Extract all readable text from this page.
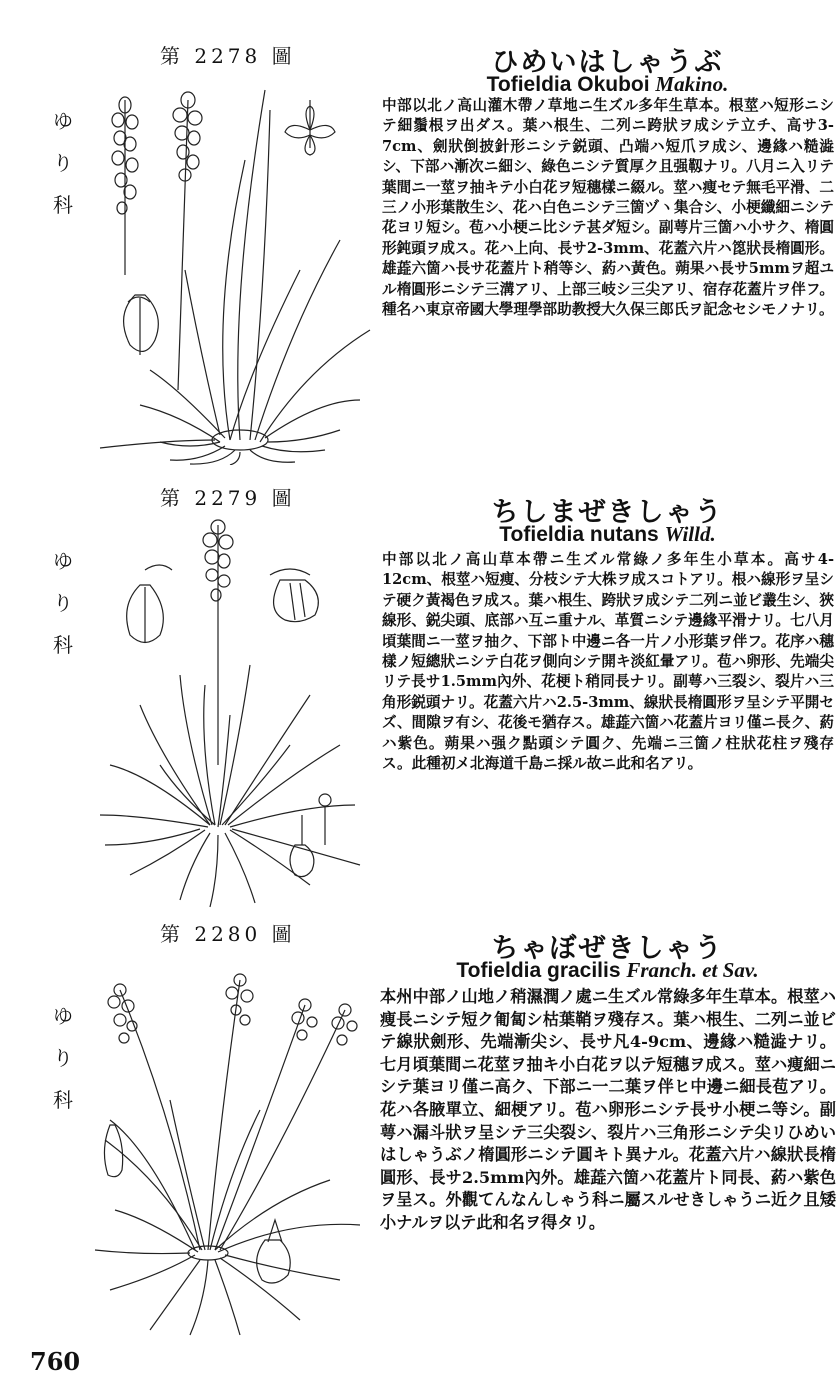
第 2278 圖
ゆ
り
科
ひめいはしゃうぶ
Tofieldia Okuboi Makino.
中部以北ノ高山灌木帶ノ草地ニ生ズル多年生草本。根莖ハ短形ニシテ細鬚根ヲ出ダス。葉ハ根生、二列ニ跨狀ヲ成シテ立チ、高サ3-7cm、劍狀倒披針形ニシテ鋭頭、凸端ハ短爪ヲ成シ、邊緣ハ糙澁シ、下部ハ漸次ニ細シ、綠色ニシテ質厚ク且强靱ナリ。八月ニ入リテ葉間ニ一莖ヲ抽キテ小白花ヲ短穗樣ニ綴ル。莖ハ痩セテ無毛平滑、二三ノ小形葉散生シ、花ハ白色ニシテ三箇ヅヽ集合シ、小梗纖細ニシテ花ヨリ短シ。苞ハ小梗ニ比シテ甚ダ短シ。副萼片三箇ハ小サク、楕圓形鈍頭ヲ成ス。花ハ上向、長サ2-3mm、花蓋六片ハ箆狀長楕圓形。雄蕋六箇ハ長サ花蓋片ト稍等シ、葯ハ黃色。蒴果ハ長サ5mmヲ超ユル楕圓形ニシテ三溝アリ、上部三岐シ三尖アリ、宿存花蓋片ヲ伴フ。種名ハ東京帝國大學理學部助教授大久保三郎氏ヲ記念セシモノナリ。
第 2279 圖
ゆ
り
科
ちしまぜきしゃう
Tofieldia nutans Willd.
中部以北ノ高山草本帶ニ生ズル常綠ノ多年生小草本。高サ4-12cm、根莖ハ短痩、分枝シテ大株ヲ成スコトアリ。根ハ線形ヲ呈シテ硬ク黃褐色ヲ成ス。葉ハ根生、跨狀ヲ成シテ二列ニ並ビ叢生シ、狹線形、鋭尖頭、底部ハ互ニ重ナル、革質ニシテ邊緣平滑ナリ。七八月頃葉間ニ一莖ヲ抽ク、下部ト中邊ニ各一片ノ小形葉ヲ伴フ。花序ハ穗樣ノ短總狀ニシテ白花ヲ側向シテ開キ淡紅暈アリ。苞ハ卵形、先端尖リテ長サ1.5mm內外、花梗ト稍同長ナリ。副萼ハ三裂シ、裂片ハ三角形鋭頭ナリ。花蓋六片ハ2.5-3mm、線狀長楕圓形ヲ呈シテ平開セズ、間隙ヲ有シ、花後モ猶存ス。雄蕋六箇ハ花蓋片ヨリ僅ニ長ク、葯ハ紫色。蒴果ハ强ク點頭シテ圓ク、先端ニ三箇ノ柱狀花柱ヲ殘存ス。此種初メ北海道千島ニ採ル故ニ此和名アリ。
第 2280 圖
ゆ
り
科
ちゃぼぜきしゃう
Tofieldia gracilis Franch. et Sav.
本州中部ノ山地ノ稍濕潤ノ處ニ生ズル常綠多年生草本。根莖ハ痩長ニシテ短ク匍匐シ枯葉鞘ヲ殘存ス。葉ハ根生、二列ニ並ビテ線狀劍形、先端漸尖シ、長サ凡4-9cm、邊緣ハ糙澁ナリ。七月頃葉間ニ花莖ヲ抽キ小白花ヲ以テ短穗ヲ成ス。莖ハ痩細ニシテ葉ヨリ僅ニ高ク、下部ニ一二葉ヲ伴ヒ中邊ニ細長苞アリ。花ハ各腋單立、細梗アリ。苞ハ卵形ニシテ長サ小梗ニ等シ。副萼ハ漏斗狀ヲ呈シテ三尖裂シ、裂片ハ三角形ニシテ尖リひめいはしゃうぶノ楕圓形ニシテ圓キト異ナル。花蓋六片ハ線狀長楕圓形、長サ2.5mm內外。雄蕋六箇ハ花蓋片ト同長、葯ハ紫色ヲ呈ス。外觀てんなんしゃう科ニ屬スルせきしゃうニ近ク且矮小ナルヲ以テ此和名ヲ得タリ。
760
